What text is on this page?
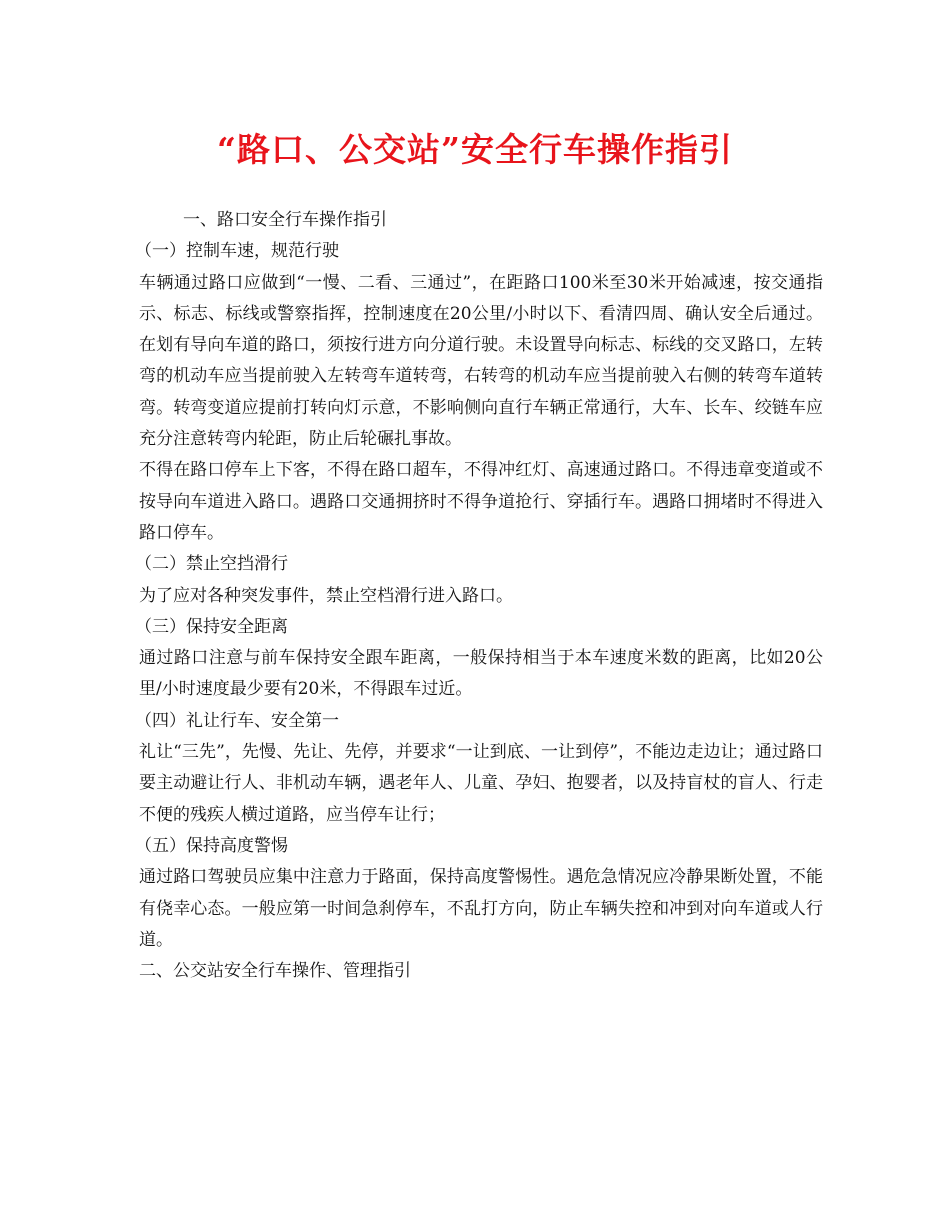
“路口、公交站”安全行车操作指引

一、路口安全行车操作指引

（一）控制车速，规范行驶

车辆通过路口应做到“一慢、二看、三通过”，在距路口100米至30米开始减速，按交通指示、标志、标线或警察指挥，控制速度在20公里/小时以下、看清四周、确认安全后通过。在划有导向车道的路口，须按行进方向分道行驶。未设置导向标志、标线的交叉路口，左转弯的机动车应当提前驶入左转弯车道转弯，右转弯的机动车应当提前驶入右侧的转弯车道转弯。转弯变道应提前打转向灯示意，不影响侧向直行车辆正常通行，大车、长车、绞链车应充分注意转弯内轮距，防止后轮碾扎事故。

不得在路口停车上下客，不得在路口超车，不得冲红灯、高速通过路口。不得违章变道或不按导向车道进入路口。遇路口交通拥挤时不得争道抢行、穿插行车。遇路口拥堵时不得进入路口停车。

（二）禁止空挡滑行

为了应对各种突发事件，禁止空档滑行进入路口。

（三）保持安全距离

通过路口注意与前车保持安全跟车距离，一般保持相当于本车速度米数的距离，比如20公里/小时速度最少要有20米，不得跟车过近。

（四）礼让行车、安全第一

礼让“三先”，先慢、先让、先停，并要求“一让到底、一让到停”，不能边走边让；通过路口要主动避让行人、非机动车辆，遇老年人、儿童、孕妇、抱婴者，以及持盲杖的盲人、行走不便的残疾人横过道路，应当停车让行；

（五）保持高度警惕

通过路口驾驶员应集中注意力于路面，保持高度警惕性。遇危急情况应冷静果断处置，不能有侥幸心态。一般应第一时间急刹停车，不乱打方向，防止车辆失控和冲到对向车道或人行道。

二、公交站安全行车操作、管理指引
